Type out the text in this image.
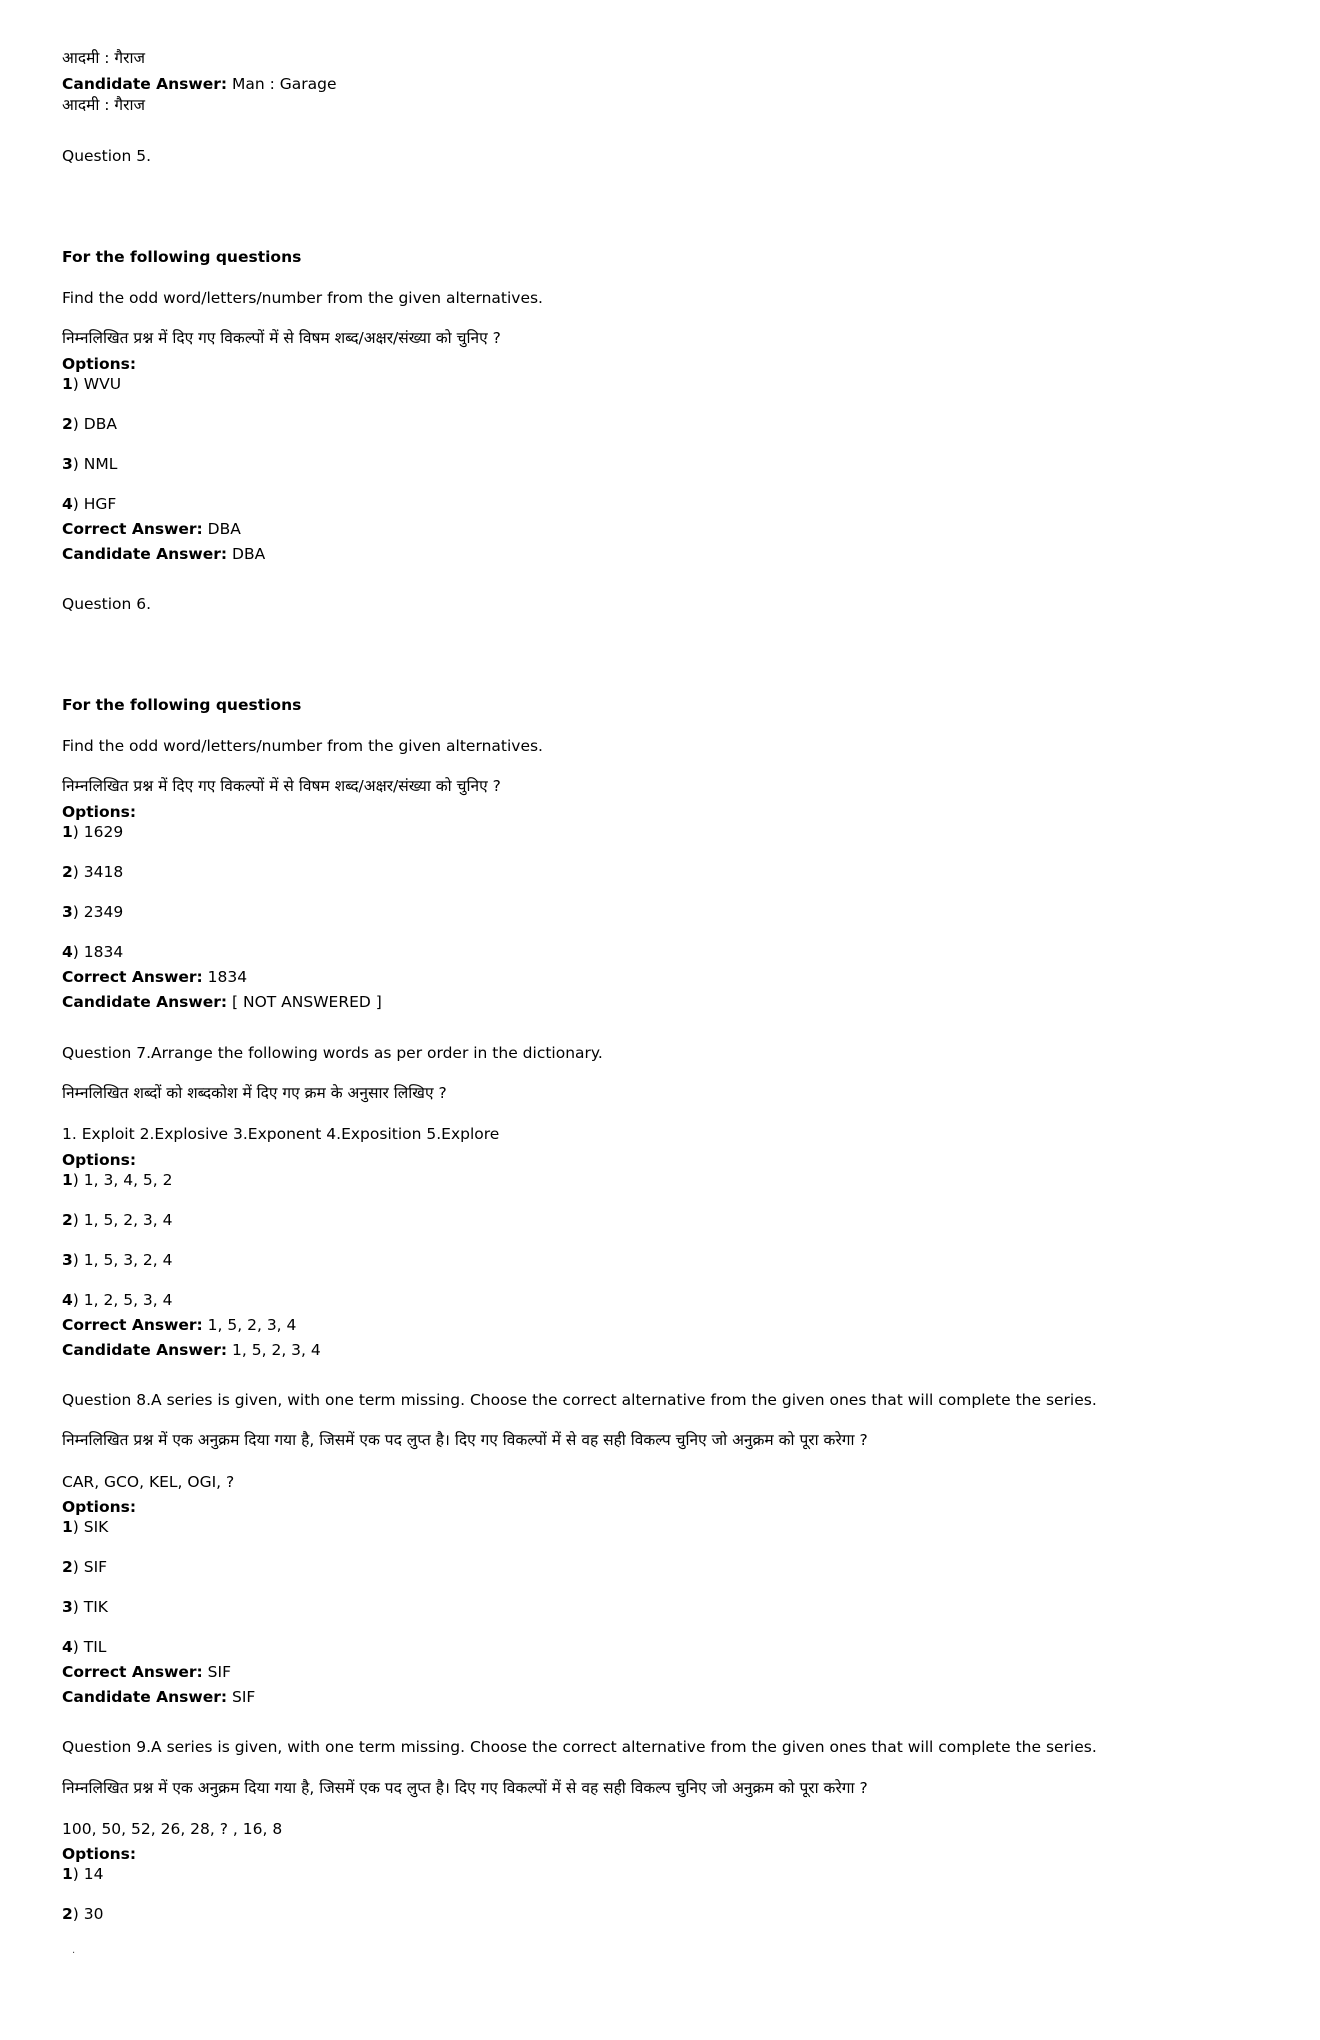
आदमी : गैराज
Candidate Answer: Man : Garage
आदमी : गैराज
Question 5.
For the following questions
Find the odd word/letters/number from the given alternatives.
निम्नलिखित प्रश्न में दिए गए विकल्पों में से विषम शब्द/अक्षर/संख्या को चुनिए ?
Options:
1) WVU
2) DBA
3) NML
4) HGF
Correct Answer: DBA
Candidate Answer: DBA
Question 6.
For the following questions
Find the odd word/letters/number from the given alternatives.
निम्नलिखित प्रश्न में दिए गए विकल्पों में से विषम शब्द/अक्षर/संख्या को चुनिए ?
Options:
1) 1629
2) 3418
3) 2349
4) 1834
Correct Answer: 1834
Candidate Answer: [ NOT ANSWERED ]
Question 7.Arrange the following words as per order in the dictionary.
निम्नलिखित शब्दों को शब्दकोश में दिए गए क्रम के अनुसार लिखिए ?
1. Exploit 2.Explosive 3.Exponent 4.Exposition 5.Explore
Options:
1) 1, 3, 4, 5, 2
2) 1, 5, 2, 3, 4
3) 1, 5, 3, 2, 4
4) 1, 2, 5, 3, 4
Correct Answer: 1, 5, 2, 3, 4
Candidate Answer: 1, 5, 2, 3, 4
Question 8.A series is given, with one term missing. Choose the correct alternative from the given ones that will complete the series.
निम्नलिखित प्रश्न में एक अनुक्रम दिया गया है, जिसमें एक पद लुप्त है। दिए गए विकल्पों में से वह सही विकल्प चुनिए जो अनुक्रम को पूरा करेगा ?
CAR, GCO, KEL, OGI, ?
Options:
1) SIK
2) SIF
3) TIK
4) TIL
Correct Answer: SIF
Candidate Answer: SIF
Question 9.A series is given, with one term missing. Choose the correct alternative from the given ones that will complete the series.
निम्नलिखित प्रश्न में एक अनुक्रम दिया गया है, जिसमें एक पद लुप्त है। दिए गए विकल्पों में से वह सही विकल्प चुनिए जो अनुक्रम को पूरा करेगा ?
100, 50, 52, 26, 28, ? , 16, 8
Options:
1) 14
2) 30
.
